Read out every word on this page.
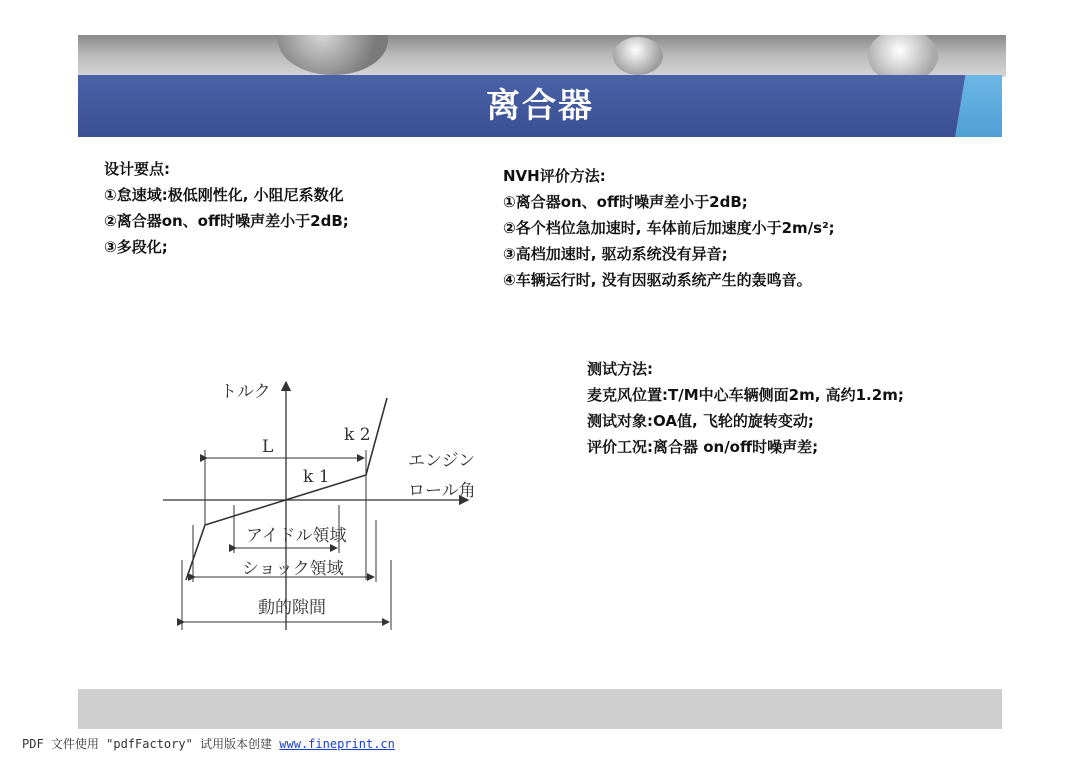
离合器
设计要点:
①怠速域:极低刚性化, 小阻尼系数化
②离合器on、off时噪声差小于2dB;
③多段化;
NVH评价方法:
①离合器on、off时噪声差小于2dB;
②各个档位急加速时, 车体前后加速度小于2m/s²;
③高档加速时, 驱动系统没有异音;
④车辆运行时, 没有因驱动系统产生的轰鸣音。
测试方法:
麦克风位置:T/M中心车辆侧面2m, 高约1.2m;
测试对象:OA值, 飞轮的旋转变动;
评价工况:离合器 on/off时噪声差;
トルク
エンジン
ロール角
k 2
k 1
L
アイドル領域
ショック領域
動的隙間
PDF 文件使用 "pdfFactory" 试用版本创建 www.fineprint.cn
